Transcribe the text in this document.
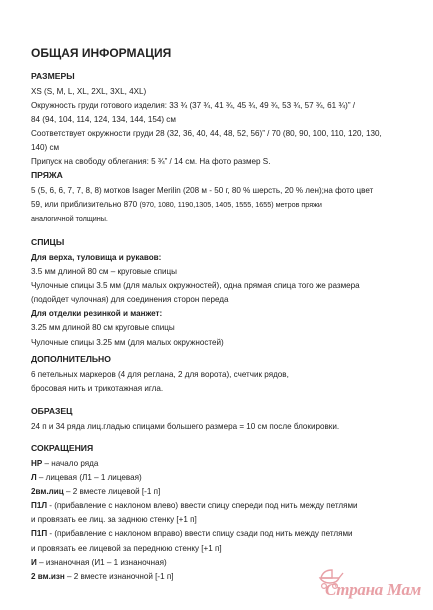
ОБЩАЯ ИНФОРМАЦИЯ
РАЗМЕРЫ
XS (S, M, L, XL, 2XL, 3XL, 4XL)
Окружность груди готового изделия: 33 ¾ (37 ¾, 41 ¾, 45 ¾, 49 ¾, 53 ¾, 57 ¾, 61 ¾)” /
84 (94, 104, 114, 124, 134, 144, 154) см
Соответствует окружности груди 28 (32, 36, 40, 44, 48, 52, 56)” / 70 (80, 90, 100, 110, 120, 130,
140) см
Припуск на свободу облегания: 5 ¾” / 14 см. На фото размер S.
ПРЯЖА
5 (5, 6, 6, 7, 7, 8, 8) мотков Isager Merilin (208 м - 50 г, 80 % шерсть, 20 % лен);на фото цвет
59, или приблизительно 870 (970, 1080, 1190,1305, 1405, 1555, 1655) метров пряжи
аналогичной толщины.
СПИЦЫ
Для верха, туловища и рукавов:
3.5 мм длиной 80 см – круговые спицы
Чулочные спицы 3.5 мм (для малых окружностей), одна прямая спица того же размера
(подойдет чулочная) для соединения сторон переда
Для отделки резинкой и манжет:
3.25 мм длиной 80 см круговые спицы
Чулочные спицы 3.25 мм (для малых окружностей)
ДОПОЛНИТЕЛЬНО
6 петельных маркеров (4 для реглана, 2 для ворота), счетчик рядов,
бросовая нить и трикотажная игла.
ОБРАЗЕЦ
24 п и 34 ряда лиц.гладью спицами большего размера = 10 см после блокировки.
СОКРАЩЕНИЯ
НР – начало ряда
Л – лицевая (Л1 – 1 лицевая)
2вм.лиц – 2 вместе лицевой [-1 п]
П1Л - (прибавление с наклоном влево) ввести спицу спереди под нить между петлями
и провязать ее лиц. за заднюю стенку [+1 п]
П1П - (прибавление с наклоном вправо) ввести спицу сзади под нить между петлями
и провязать ее лицевой за переднюю стенку [+1 п]
И – изнаночная (И1 – 1 изнаночная)
2 вм.изн – 2 вместе изнаночной [-1 п]
Страна Мам
